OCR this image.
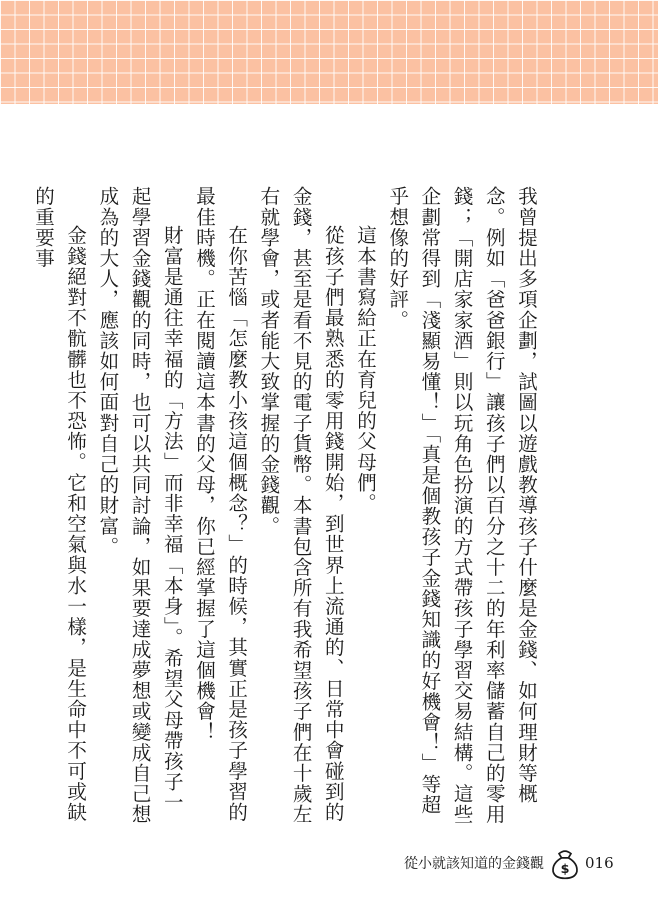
我曾提出多項企劃，試圖以遊戲教導孩子什麼是金錢、如何理財等概念。例如「爸爸銀行」讓孩子們以百分之十二的年利率儲蓄自己的零用錢；「開店家家酒」則以玩角色扮演的方式帶孩子學習交易結構。這些企劃常得到「淺顯易懂！」「真是個教孩子金錢知識的好機會！」等超乎想像的好評。

這本書寫給正在育兒的父母們。

從孩子們最熟悉的零用錢開始，到世界上流通的、日常中會碰到的金錢，甚至是看不見的電子貨幣。本書包含所有我希望孩子們在十歲左右就學會，或者能大致掌握的金錢觀。

在你苦惱「怎麼教小孩這個概念？」的時候，其實正是孩子學習的最佳時機。正在閱讀這本書的父母，你已經掌握了這個機會！

財富是通往幸福的「方法」而非幸福「本身」。希望父母帶孩子一起學習金錢觀的同時，也可以共同討論，如果要達成夢想或變成自己想成為的大人，應該如何面對自己的財富。

金錢絕對不骯髒也不恐怖。它和空氣與水一樣，是生命中不可或缺的重要事

從小就該知道的金錢觀 $ 016
